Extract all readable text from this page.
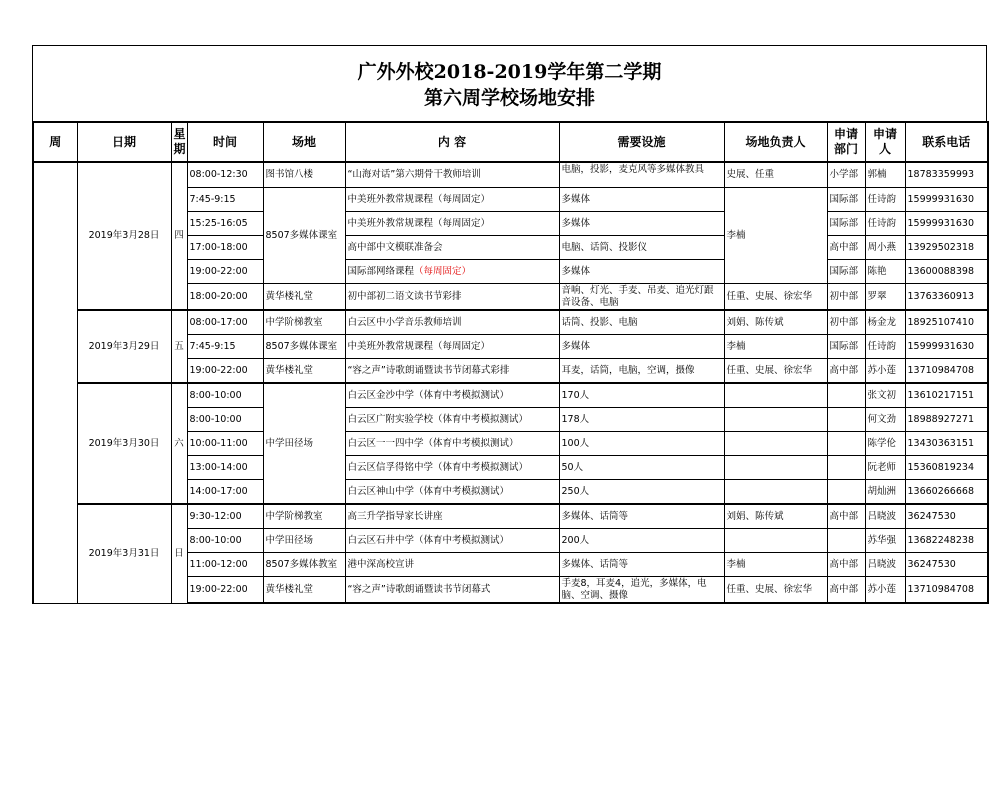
广外外校2018-2019学年第二学期
第六周学校场地安排
周	日期	星期	时间	场地	内 容	需要设施	场地负责人	申请部门	申请人	联系电话
	2019年3月28日	四	08:00-12:30	图书馆八楼	“山海对话”第六期骨干教师培训	电脑，投影，麦克风等多媒体教具	史展、任重	小学部	郭楠	18783359993
			7:45-9:15	8507多媒体课室	中美班外教常规课程（每周固定）	多媒体	李楠	国际部	任诗韵	15999931630
			15:25-16:05		中美班外教常规课程（每周固定）	多媒体		国际部	任诗韵	15999931630
			17:00-18:00		高中部中文模联准备会	电脑、话筒、投影仪		高中部	周小燕	13929502318
			19:00-22:00		国际部网络课程（每周固定）	多媒体		国际部	陈艳	13600088398
			18:00-20:00	黄华楼礼堂	初中部初二语文读书节彩排	音响、灯光、手麦、吊麦、追光灯跟音设备、电脑	任重、史展、徐宏华	初中部	罗翠	13763360913
	2019年3月29日	五	08:00-17:00	中学阶梯教室	白云区中小学音乐教师培训	话筒、投影、电脑	刘娟、陈传斌	初中部	杨金龙	18925107410
			7:45-9:15	8507多媒体课室	中美班外教常规课程（每周固定）	多媒体	李楠	国际部	任诗韵	15999931630
			19:00-22:00	黄华楼礼堂	“容之声”诗歌朗诵暨读书节闭幕式彩排	耳麦，话筒，电脑，空调，摄像	任重、史展、徐宏华	高中部	苏小莲	13710984708
	2019年3月30日	六	8:00-10:00	中学田径场	白云区金沙中学（体育中考模拟测试）	170人			张文初	13610217151
			8:00-10:00		白云区广附实验学校（体育中考模拟测试）	178人			何文劲	18988927271
			10:00-11:00		白云区一一四中学（体育中考模拟测试）	100人			陈学伦	13430363151
			13:00-14:00		白云区信孚得铭中学（体育中考模拟测试）	50人			阮老师	15360819234
			14:00-17:00		白云区神山中学（体育中考模拟测试）	250人			胡灿洲	13660266668
	2019年3月31日	日	9:30-12:00	中学阶梯教室	高三升学指导家长讲座	多媒体、话筒等	刘娟、陈传斌	高中部	吕晓波	36247530
			8:00-10:00	中学田径场	白云区石井中学（体育中考模拟测试）	200人			苏华强	13682248238
			11:00-12:00	8507多媒体教室	港中深高校宣讲	多媒体、话筒等	李楠	高中部	吕晓波	36247530
			19:00-22:00	黄华楼礼堂	“容之声”诗歌朗诵暨读书节闭幕式	手麦8，耳麦4，追光，多媒体，电脑、空调、摄像	任重、史展、徐宏华	高中部	苏小莲	13710984708
